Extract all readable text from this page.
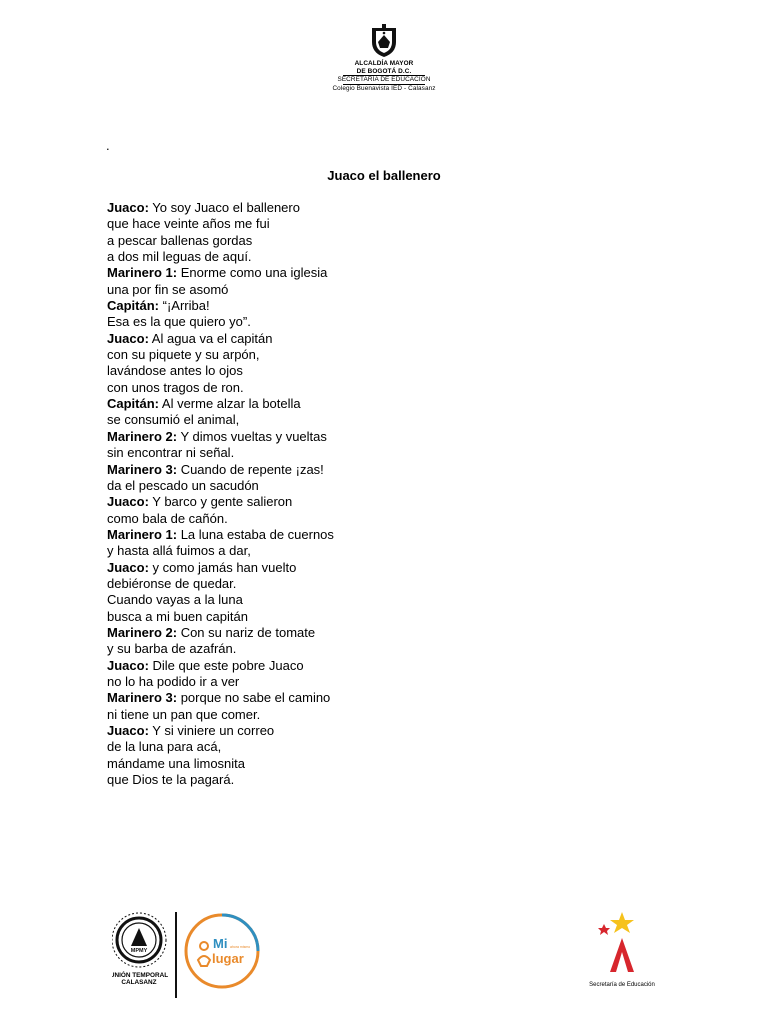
ALCALDÍA MAYOR
DE BOGOTÁ D.C.
SECRETARÍA DE EDUCACIÓN
Colegio Buenavista IED - Calasanz
.
Juaco el ballenero
Juaco: Yo soy Juaco el ballenero
que hace veinte años me fui
a pescar ballenas gordas
a dos mil leguas de aquí.
Marinero 1: Enorme como una iglesia
una por fin se asomó
Capitán: “¡Arriba!
Esa es la que quiero yo”.
Juaco: Al agua va el capitán
con su piquete y su arpón,
lavándose antes lo ojos
con unos tragos de ron.
Capitán: Al verme alzar la botella
se consumió el animal,
Marinero 2: Y dimos vueltas y vueltas
sin encontrar ni señal.
Marinero 3: Cuando de repente ¡zas!
da el pescado un sacudón
Juaco: Y barco y gente salieron
como bala de cañón.
Marinero 1: La luna estaba de cuernos
y hasta allá fuimos a dar,
Juaco: y como jamás han vuelto
debiéronse de quedar.
Cuando vayas a la luna
busca a mi buen capitán
Marinero 2: Con su nariz de tomate
y su barba de azafrán.
Juaco: Dile que este pobre Juaco
no lo ha podido ir a ver
Marinero 3: porque no sabe el camino
ni tiene un pan que comer.
Juaco: Y si viniere un correo
de la luna para acá,
mándame una limosnita
que Dios te la pagará.
MPMY
UNIÓN TEMPORAL
CALASANZ
Mi
lugar
ahora mismo
Secretaría de Educación
